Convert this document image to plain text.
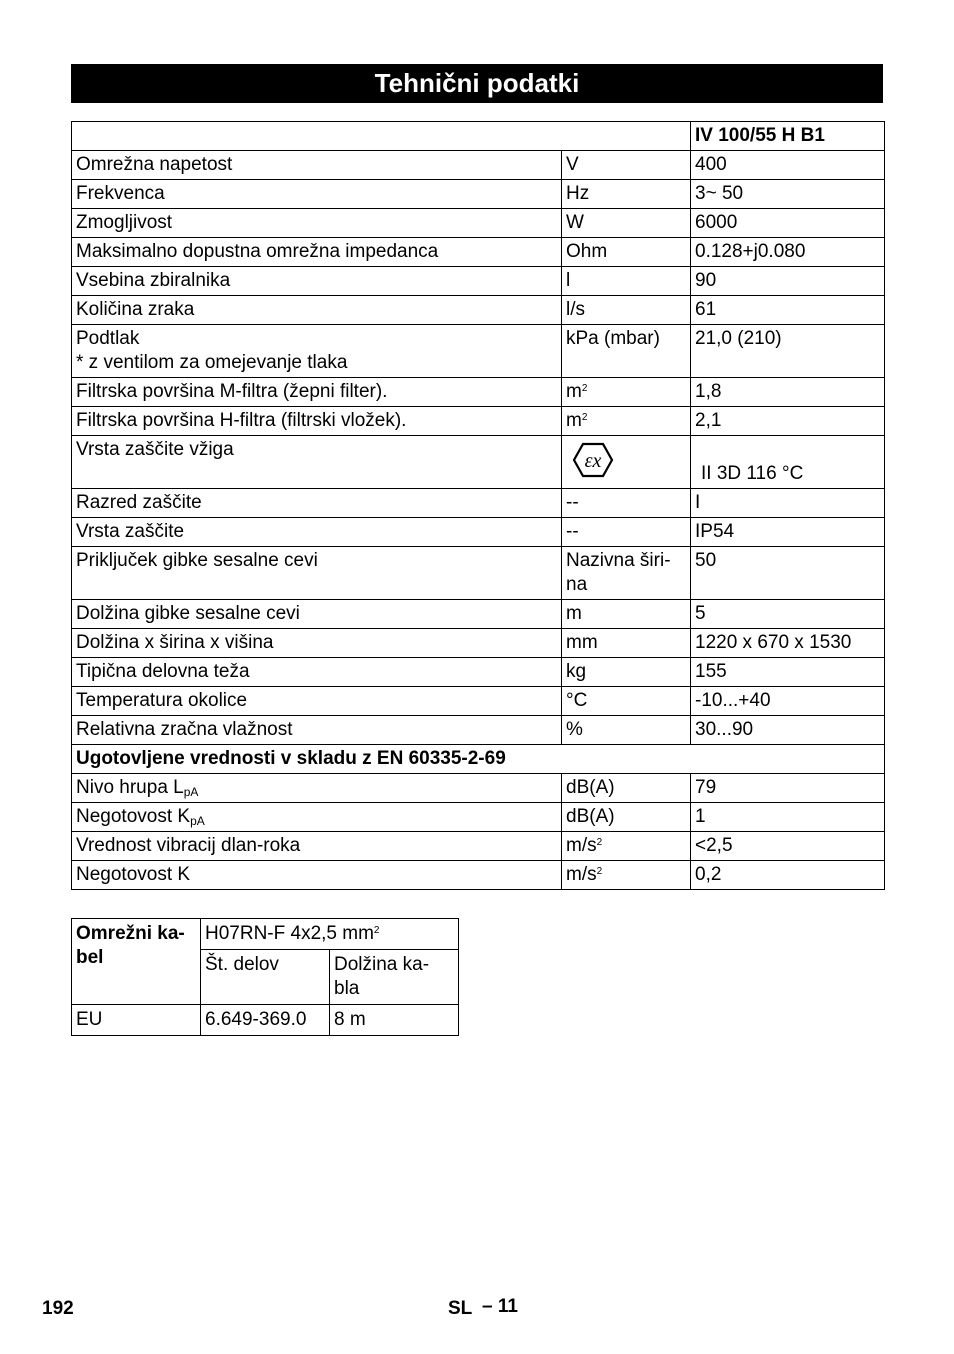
Tehnični podatki
		IV 100/55 H B1
Omrežna napetost	V	400
Frekvenca	Hz	3~ 50
Zmogljivost	W	6000
Maksimalno dopustna omrežna impedanca	Ohm	0.128+j0.080
Vsebina zbiralnika	l	90
Količina zraka	l/s	61
Podtlak
* z ventilom za omejevanje tlaka	kPa (mbar)	21,0 (210)
Filtrska površina M-filtra (žepni filter).	$m^2$	1,8
Filtrska površina H-filtra (filtrski vložek).	$m^2$	2,1
Vrsta zaščite vžiga	εx	II 3D 116 °C

Razred zaščite	--	I
Vrsta zaščite	--	IP54
Priključek gibke sesalne cevi	Nazivna širi-na	50
Dolžina gibke sesalne cevi	m	5
Dolžina x širina x višina	mm	1220 x 670 x 1530
Tipična delovna teža	kg	155
Temperatura okolice	°C	-10...+40
Relativna zračna vlažnost	%	30...90
Ugotovljene vrednosti v skladu z EN 60335-2-69		
Nivo hrupa $L_{pA}$	dB(A)	79
Negotovost $K_{pA}$	dB(A)	1
Vrednost vibracij dlan-roka	$m/s^2$	<2,5
Negotovost K	$m/s^2$	0,2
Omrežni ka-bel	H07RN-F 4x2,5 $mm^2$
	Št. delov	Dolžina ka-bla
EU	6.649-369.0	8 m
192	SL – 11
